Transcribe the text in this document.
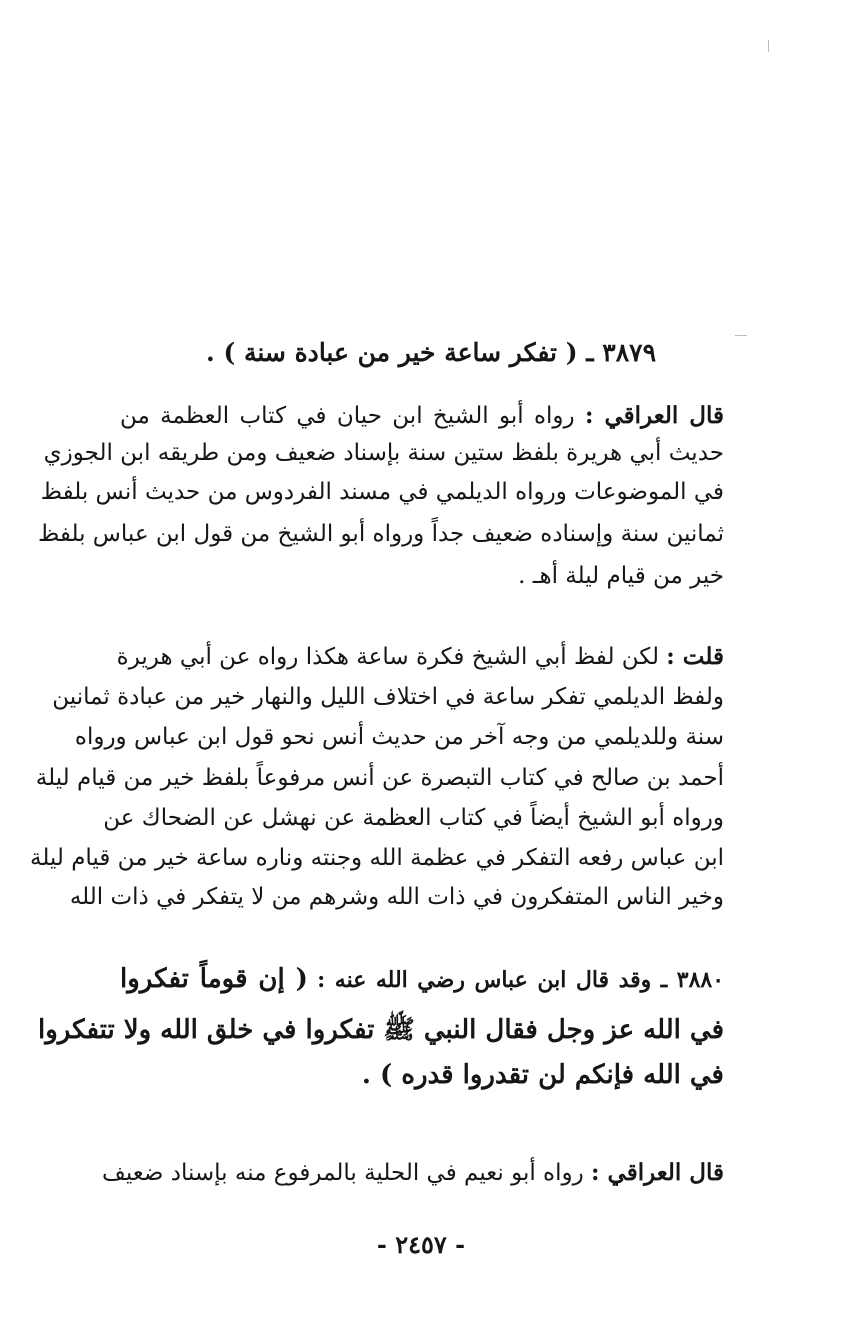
٣٨٧٩ ـ ( تفكر ساعة خير من عبادة سنة ) .
قال العراقي : رواه أبو الشيخ ابن حيان في كتاب العظمة من
حديث أبي هريرة بلفظ ستين سنة بإسناد ضعيف ومن طريقه ابن الجوزي
في الموضوعات ورواه الديلمي في مسند الفردوس من حديث أنس بلفظ
ثمانين سنة وإسناده ضعيف جداً ورواه أبو الشيخ من قول ابن عباس بلفظ
خير من قيام ليلة أهـ .
قلت : لكن لفظ أبي الشيخ فكرة ساعة هكذا رواه عن أبي هريرة
ولفظ الديلمي تفكر ساعة في اختلاف الليل والنهار خير من عبادة ثمانين
سنة وللديلمي من وجه آخر من حديث أنس نحو قول ابن عباس ورواه
أحمد بن صالح في كتاب التبصرة عن أنس مرفوعاً بلفظ خير من قيام ليلة
ورواه أبو الشيخ أيضاً في كتاب العظمة عن نهشل عن الضحاك عن
ابن عباس رفعه التفكر في عظمة الله وجنته وناره ساعة خير من قيام ليلة
وخير الناس المتفكرون في ذات الله وشرهم من لا يتفكر في ذات الله
٣٨٨٠ ـ وقد قال ابن عباس رضي الله عنه : ( إن قوماً تفكروا
في الله عز وجل فقال النبي ﷺ تفكروا في خلق الله ولا تتفكروا
في الله فإنكم لن تقدروا قدره ) .
قال العراقي : رواه أبو نعيم في الحلية بالمرفوع منه بإسناد ضعيف
- ٢٤٥٧ -
